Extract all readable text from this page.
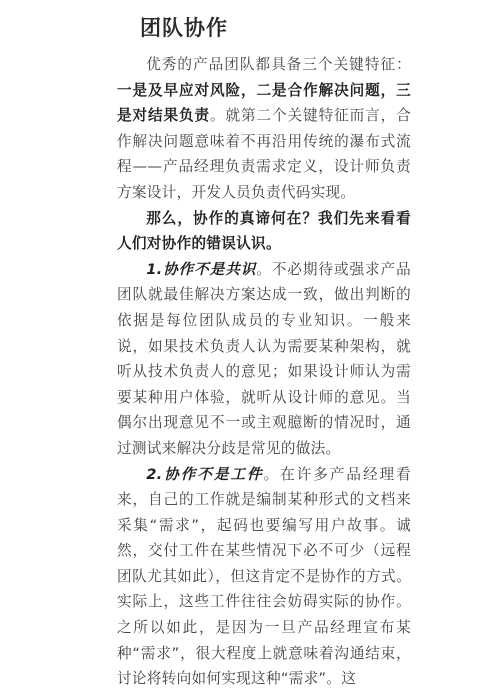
团队协作

优秀的产品团队都具备三个关键特征：一是及早应对风险，二是合作解决问题，三是对结果负责。就第二个关键特征而言，合作解决问题意味着不再沿用传统的瀑布式流程——产品经理负责需求定义，设计师负责方案设计，开发人员负责代码实现。

那么，协作的真谛何在？我们先来看看人们对协作的错误认识。

1.协作不是共识。不必期待或强求产品团队就最佳解决方案达成一致，做出判断的依据是每位团队成员的专业知识。一般来说，如果技术负责人认为需要某种架构，就听从技术负责人的意见；如果设计师认为需要某种用户体验，就听从设计师的意见。当偶尔出现意见不一或主观臆断的情况时，通过测试来解决分歧是常见的做法。

2.协作不是工件。在许多产品经理看来，自己的工作就是编制某种形式的文档来采集“需求”，起码也要编写用户故事。诚然，交付工件在某些情况下必不可少（远程团队尤其如此），但这肯定不是协作的方式。实际上，这些工件往往会妨碍实际的协作。之所以如此，是因为一旦产品经理宣布某种“需求”，很大程度上就意味着沟通结束，讨论将转向如何实现这种“需求”。这
